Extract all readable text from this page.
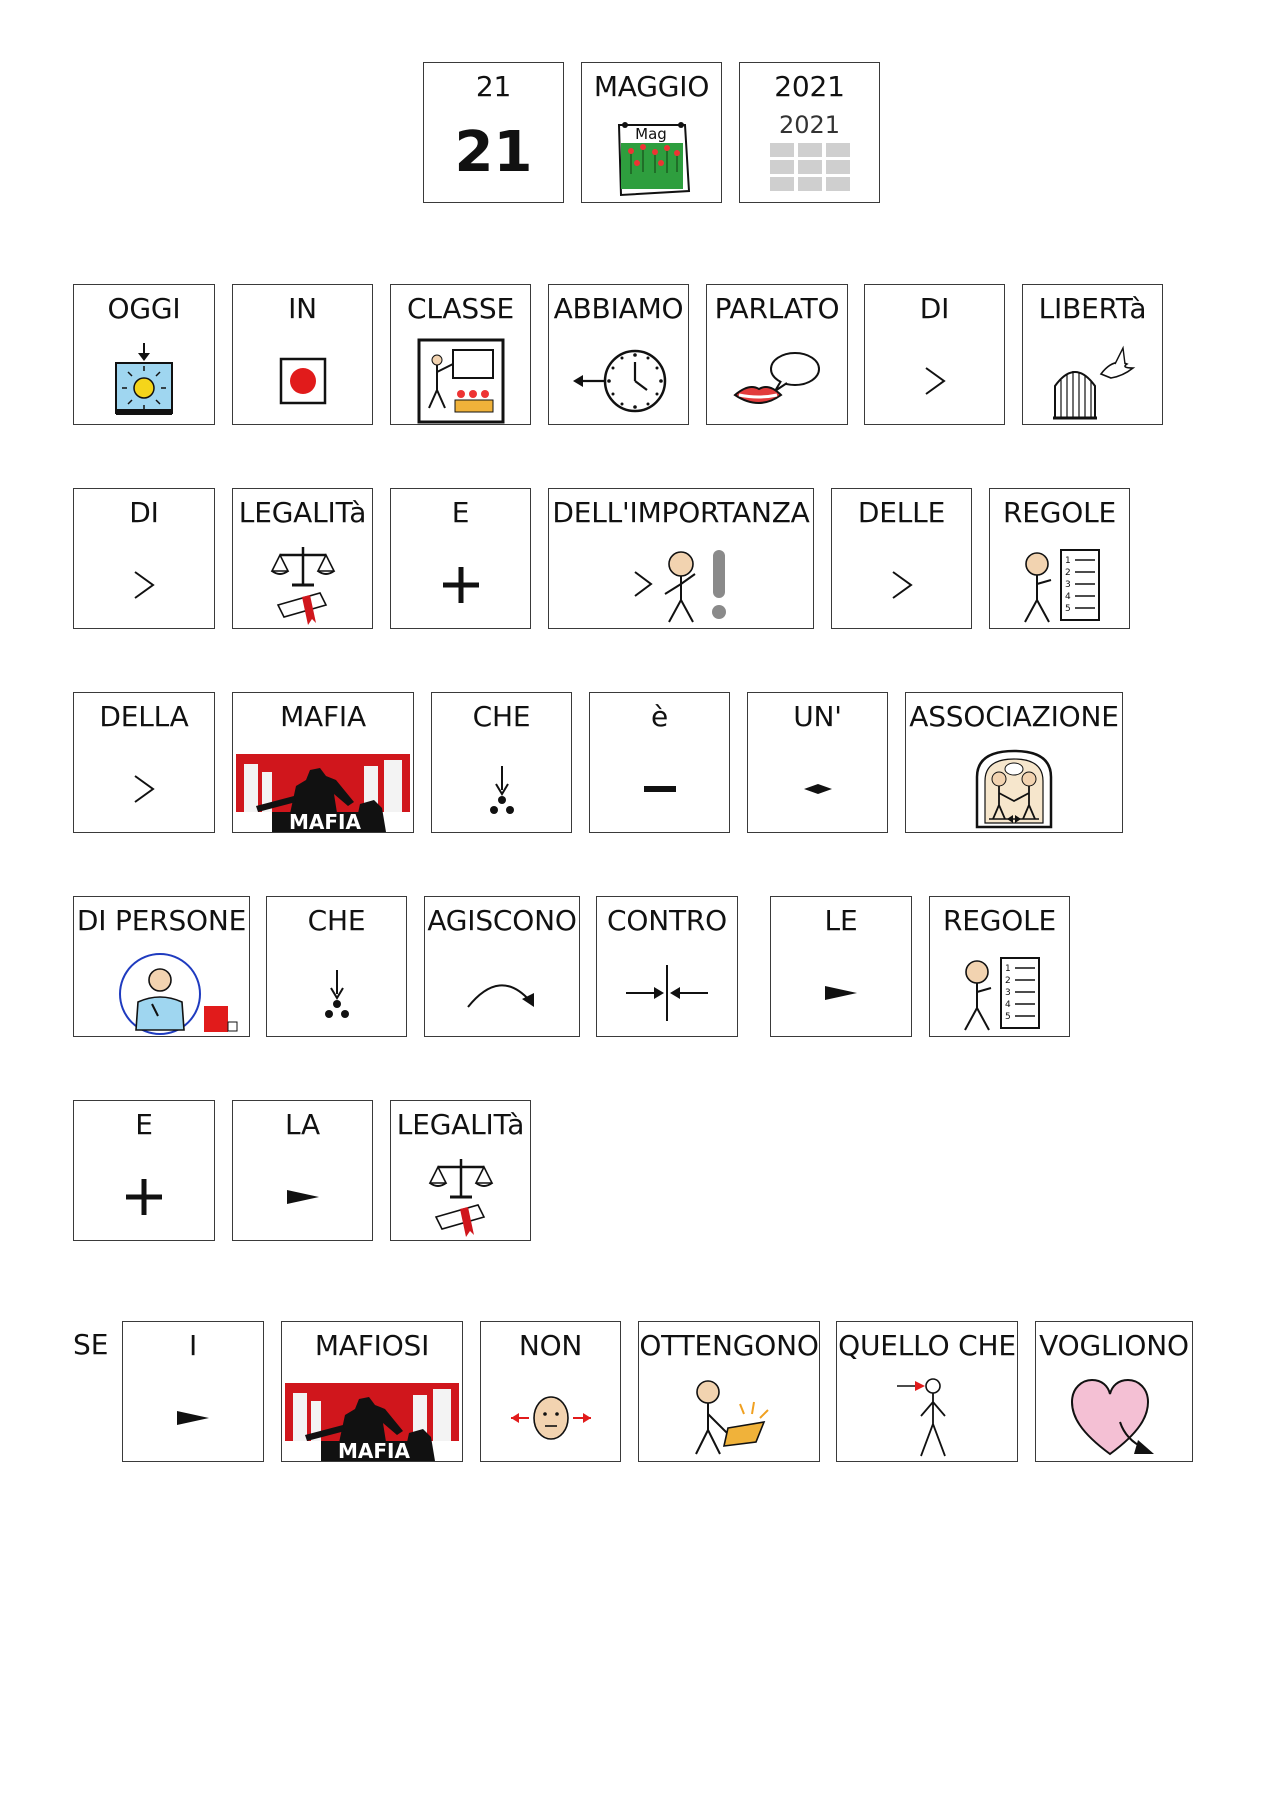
21
21
MAGGIO
Mag
2021
2021
OGGI	IN	CLASSE	ABBIAMO PARLATO	DI	LIBERTà
DI	LEGALITà	E	DELL'IMPORTANZA	DELLE	REGOLE
1
2
3
4
5
DELLA	MAFIA
MAFIA
CHE	è	UN'	ASSOCIAZIONE
DI PERSONE	CHE	AGISCONO	CONTRO	LE	REGOLE
1
2
3
4
5
E	LA	LEGALITà
SE	I	MAFIOSI
MAFIA
NON	OTTENGONO QUELLO CHE VOGLIONO
